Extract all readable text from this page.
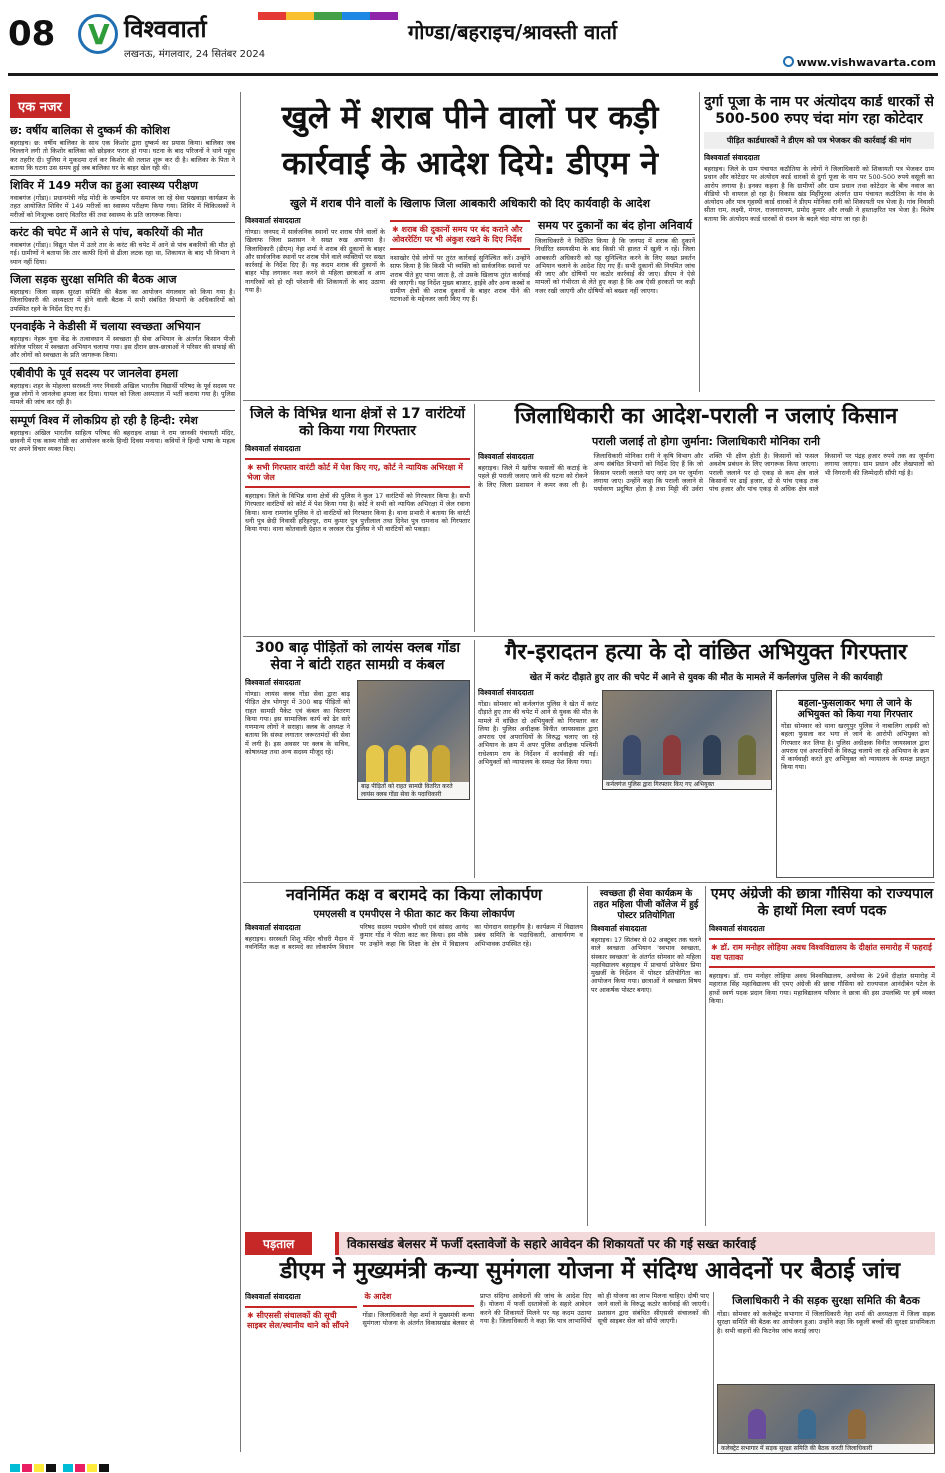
08 V विश्ववार्ता
लखनऊ, मंगलवार, 24 सितंबर 2024
गोण्डा/बहराइच/श्रावस्ती वार्ता
www.vishwavarta.com
एक नजर
छ: वर्षीय बालिका से दुष्कर्म की कोशिश
बहराइच। छ: वर्षीय बालिका के साथ एक किशोर द्वारा दुष्कर्म का प्रयास किया। बालिका जब चिल्लाने लगी तो किशोर बालिका को छोड़कर फरार हो गया। घटना के बाद परिजनों ने थाने पहुंच कर तहरीर दी। पुलिस ने मुकदमा दर्ज कर किशोर की तलाश शुरू कर दी है। बालिका के पिता ने बताया कि घटना उस समय हुई जब बालिका घर के बाहर खेल रही थी।
शिविर में 149 मरीज का हुआ स्वास्थ्य परीक्षण
नवाबगंज (गोंडा)। प्रधानमंत्री नरेंद्र मोदी के जन्मदिन पर समाज जा रहे सेवा पखवाड़ा कार्यक्रम के तहत आयोजित शिविर में 149 मरीजों का स्वास्थ्य परीक्षण किया गया। शिविर में चिकित्सकों ने मरीजों को निःशुल्क दवाएं वितरित कीं तथा स्वास्थ्य के प्रति जागरूक किया।
करंट की चपेट में आने से पांच, बकरियों की मौत
नवाबगंज (गोंडा)। विद्युत पोल में उतरे तार के करंट की चपेट में आने से पांच बकरियों की मौत हो गई। ग्रामीणों ने बताया कि तार काफी दिनों से ढीला लटक रहा था, शिकायत के बाद भी विभाग ने ध्यान नहीं दिया।
जिला सड़क सुरक्षा समिति की बैठक आज
बहराइच। जिला सड़क सुरक्षा समिति की बैठक का आयोजन मंगलवार को किया गया है। जिलाधिकारी की अध्यक्षता में होने वाली बैठक में सभी संबंधित विभागों के अधिकारियों को उपस्थित रहने के निर्देश दिए गए हैं।
एनवाईके ने केडीसी में चलाया स्वच्छता अभियान
बहराइच। नेहरू युवा केंद्र के तत्वावधान में स्वच्छता ही सेवा अभियान के अंतर्गत किसान पीजी कॉलेज परिसर में स्वच्छता अभियान चलाया गया। इस दौरान छात्र-छात्राओं ने परिसर की सफाई की और लोगों को स्वच्छता के प्रति जागरूक किया।
एबीवीपी के पूर्व सदस्य पर जानलेवा हमला
बहराइच। शहर के मोहल्ला सरस्वती नगर निवासी अखिल भारतीय विद्यार्थी परिषद के पूर्व सदस्य पर कुछ लोगों ने जानलेवा हमला कर दिया। घायल को जिला अस्पताल में भर्ती कराया गया है। पुलिस मामले की जांच कर रही है।
सम्पूर्ण विश्व में लोकप्रिय हो रही है हिन्दी: रमेश
बहराइच। अखिल भारतीय साहित्य परिषद की बहराइच शाखा ने राम जानकी पंचायती मंदिर, छावनी में एक काव्य गोष्ठी का आयोजन करके हिन्दी दिवस मनाया। कवियों ने हिन्दी भाषा के महत्व पर अपने विचार व्यक्त किए।
खुले में शराब पीने वालों पर कड़ी
कार्रवाई के आदेश दिये: डीएम ने
खुले में शराब पीने वालों के खिलाफ जिला आबकारी अधिकारी को दिए कार्यवाही के आदेश
विश्ववार्ता संवाददाता
गोण्डा। जनपद में सार्वजनिक स्थानों पर शराब पीने वालों के खिलाफ जिला प्रशासन ने सख्त रुख अपनाया है। जिलाधिकारी (डीएम) नेहा शर्मा ने शराब की दुकानों के बाहर और सार्वजनिक स्थानों पर शराब पीने वाले व्यक्तियों पर सख्त कार्रवाई के निर्देश दिए हैं। यह कदम शराब की दुकानों के बाहर भीड़ लगाकर नशा करने से महिला छात्राओं व आम नागरिकों को हो रही परेशानी की शिकायतों के बाद उठाया गया है।
✱ शराब की दुकानों समय पर बंद कराने और ओवररेटिंग पर भी अंकुश रखने के दिए निर्देश
नशाखोर ऐसे लोगों पर तुरंत कार्रवाई सुनिश्चित करें। उन्होंने साफ किया है कि किसी भी व्यक्ति को सार्वजनिक स्थानों पर शराब पीते हुए पाया जाता है, तो उसके खिलाफ तुरंत कार्रवाई की जाएगी। यह निर्देश मुख्य बाजार, हाईवे और अन्य कस्बों व ग्रामीण क्षेत्रों की शराब दुकानों के बाहर शराब पीने की घटनाओं के मद्देनजर जारी किए गए हैं।
समय पर दुकानों का बंद होना अनिवार्य
जिलाधिकारी ने निर्देशित किया है कि जनपद में शराब की दुकानें निर्धारित समयसीमा के बाद किसी भी हालत में खुली न रहें। जिला आबकारी अधिकारी को यह सुनिश्चित करने के लिए सख्त प्रवर्तन अभियान चलाने के आदेश दिए गए हैं। सभी दुकानों की नियमित जांच की जाए और दोषियों पर कठोर कार्रवाई की जाए। डीएम ने ऐसे मामलों को गंभीरता से लेते हुए कहा है कि अब ऐसी हरकतों पर कड़ी नजर रखी जाएगी और दोषियों को बख्शा नहीं जाएगा।
दुर्गा पूजा के नाम पर अंत्योदय कार्ड धारकों से 500-500 रुपए चंदा मांग रहा कोटेदार
पीड़ित कार्डधारकों ने डीएम को पत्र भेजकर की कार्रवाई की मांग
विश्ववार्ता संवाददाता
बहराइच। जिले के ग्राम पंचायत कठौतिया के लोगों ने जिलाधिकारी को शिकायती पत्र भेजकर ग्राम प्रधान और कोटेदार पर अंत्योदय कार्ड धारकों से दुर्गा पूजा के नाम पर 500-500 रुपये वसूली का आरोप लगाया है। इनका कहना है कि ग्रामीणों और ग्राम प्रधान तथा कोटेदार के बीच नवाज का वीडियो भी वायरल हो रहा है। विकास खंड मिहींपुरवा अंतर्गत ग्राम पंचायत कठौतिया के गांव के अंत्योदय और पात्र गृहस्थी कार्ड धारकों ने डीएम मोनिका रानी को शिकायती पत्र भेजा है। गांव निवासी सीता राम, लक्ष्मी, मंगल, राजनारायण, प्रमोद कुमार और लच्छी ने हस्ताक्षरित पत्र भेजा है। विशेष बताया कि अंत्योदय कार्ड धारकों से राशन के बदले चंदा मांगा जा रहा है।
जिले के विभिन्न थाना क्षेत्रों से 17 वारंटियों को किया गया गिरफ्तार
विश्ववार्ता संवाददाता
✱ सभी गिरफ्तार वारंटी कोर्ट में पेश किए गए, कोर्ट ने न्यायिक अभिरक्षा में भेजा जेल
बहराइच। जिले के विभिन्न थाना क्षेत्रों की पुलिस ने कुल 17 वारंटियों को गिरफ्तार किया है। सभी गिरफ्तार वारंटियों को कोर्ट में पेश किया गया है। कोर्ट ने सभी को न्यायिक अभिरक्षा में जेल रवाना किया। थाना रामगांव पुलिस ने दो वारंटियों को गिरफ्तार किया है। थाना प्रभारी ने बताया कि वारंटी धनी पुत्र छेदी निवासी हरिहरपुर, राम कुमार पुत्र पुत्तीलाल तथा दिनेश पुत्र रामनाथ को गिरफ्तार किया गया। थाना कोतवाली देहात व जरवल रोड पुलिस ने भी वारंटियों को पकड़ा।
जिलाधिकारी का आदेश-पराली न जलाएं किसान
पराली जलाई तो होगा जुर्माना: जिलाधिकारी मोनिका रानी
विश्ववार्ता संवाददाता
बहराइच। जिले में खरीफ फसलों की कटाई के पहले ही पराली जलाए जाने की घटना को रोकने के लिए जिला प्रशासन ने कमर कस ली है। जिलाधिकारी मोनिका रानी ने कृषि विभाग और अन्य संबंधित विभागों को निर्देश दिए हैं कि जो किसान पराली जलाते पाए जाएं उन पर जुर्माना लगाया जाए। उन्होंने कहा कि पराली जलाने से पर्यावरण प्रदूषित होता है तथा मिट्टी की उर्वरा शक्ति भी क्षीण होती है। किसानों को फसल अवशेष प्रबंधन के लिए जागरूक किया जाएगा। पराली जलाने पर दो एकड़ से कम क्षेत्र वाले किसानों पर ढाई हजार, दो से पांच एकड़ तक पांच हजार और पांच एकड़ से अधिक क्षेत्र वाले किसानों पर पंद्रह हजार रुपये तक का जुर्माना लगाया जाएगा। ग्राम प्रधान और लेखपालों को भी निगरानी की जिम्मेदारी सौंपी गई है।
300 बाढ़ पीड़ितों को लायंस क्लब गोंडा सेवा ने बांटी राहत सामग्री व कंबल
विश्ववार्ता संवाददाता
गोण्डा। लायंस क्लब गोंडा सेवा द्वारा बाढ़ पीड़ित क्षेत्र भोगपुर में 300 बाढ़ पीड़ितों को राहत सामग्री पैकेट एवं कंबल का वितरण किया गया। इस सामाजिक कार्य को ढेर सारे गणमान्य लोगों ने सराहा। क्लब के अध्यक्ष ने बताया कि संस्था लगातार जरूरतमंदों की सेवा में लगी है। इस अवसर पर क्लब के सचिव, कोषाध्यक्ष तथा अन्य सदस्य मौजूद रहे।
बाढ़ पीड़ितों को राहत सामग्री वितरित करते लायंस क्लब गोंडा सेवा के पदाधिकारी
गैर-इरादतन हत्या के दो वांछित अभियुक्त गिरफ्तार
खेत में करंट दौड़ाते हुए तार की चपेट में आने से युवक की मौत के मामले में कर्नलगंज पुलिस ने की कार्यवाही
विश्ववार्ता संवाददाता
गोंडा। सोमवार को कर्नलगंज पुलिस ने खेत में करंट दौड़ाते हुए तार की चपेट में आने से युवक की मौत के मामले में वांछित दो अभियुक्तों को गिरफ्तार कर लिया है। पुलिस अधीक्षक विनीत जायसवाल द्वारा अपराध एवं अपराधियों के विरुद्ध चलाए जा रहे अभियान के क्रम में अपर पुलिस अधीक्षक पश्चिमी राधेश्याम राय के निर्देशन में कार्यवाही की गई। अभियुक्तों को न्यायालय के समक्ष पेश किया गया।
कर्नलगंज पुलिस द्वारा गिरफ्तार किए गए अभियुक्त
बहला-फुसलाकर भगा ले जाने के अभियुक्त को किया गया गिरफ्तार
गोंडा सोमवार को थाना खरगूपुर पुलिस ने नाबालिग लड़की को बहला फुसला कर भगा ले जाने के आरोपी अभियुक्त को गिरफ्तार कर लिया है। पुलिस अधीक्षक विनीत जायसवाल द्वारा अपराध एवं अपराधियों के विरुद्ध चलाये जा रहे अभियान के क्रम में कार्यवाही करते हुए अभियुक्त को न्यायालय के समक्ष प्रस्तुत किया गया।
नवनिर्मित कक्ष व बरामदे का किया लोकार्पण
एमएलसी व एमपीएस ने फीता काट कर किया लोकार्पण
विश्ववार्ता संवाददाता
बहराइच। सरस्वती शिशु मंदिर चौधरी मैदान में नवनिर्मित कक्ष व बरामदे का लोकार्पण विधान परिषद सदस्य पद्मसेन चौधरी एवं सांसद आनंद कुमार गोंड ने फीता काट कर किया। इस मौके पर उन्होंने कहा कि शिक्षा के क्षेत्र में विद्यालय का योगदान सराहनीय है। कार्यक्रम में विद्यालय प्रबंध समिति के पदाधिकारी, आचार्यगण व अभिभावक उपस्थित रहे।
स्वच्छता ही सेवा कार्यक्रम के तहत महिला पीजी कॉलेज में हुई पोस्टर प्रतियोगिता
विश्ववार्ता संवाददाता
बहराइच। 17 सितंबर से 02 अक्टूबर तक चलने वाले स्वच्छता अभियान 'स्वभाव स्वच्छता, संस्कार स्वच्छता' के अंतर्गत सोमवार को महिला महाविद्यालय बहराइच में प्राचार्या प्रोफेसर प्रिया मुखर्जी के निर्देशन में पोस्टर प्रतियोगिता का आयोजन किया गया। छात्राओं ने स्वच्छता विषय पर आकर्षक पोस्टर बनाए।
एमए अंग्रेजी की छात्रा गौसिया को राज्यपाल के हाथों मिला स्वर्ण पदक
विश्ववार्ता संवाददाता
✱ डॉ. राम मनोहर लोहिया अवध विश्वविद्यालय के दीक्षांत समारोह में फहराई यश पताका
बहराइच। डॉ. राम मनोहर लोहिया अवध विश्वविद्यालय, अयोध्या के 29वें दीक्षांत समारोह में महाराज सिंह महाविद्यालय की एमए अंग्रेजी की छात्रा गौसिया को राज्यपाल आनंदीबेन पटेल के हाथों स्वर्ण पदक प्रदान किया गया। महाविद्यालय परिवार ने छात्रा की इस उपलब्धि पर हर्ष व्यक्त किया।
पड़ताल	विकासखंड बेलसर में फर्जी दस्तावेजों के सहारे आवेदन की शिकायतों पर की गई सख्त कार्रवाई
डीएम ने मुख्यमंत्री कन्या सुमंगला योजना में संदिग्ध आवेदनों पर बैठाई जांच
विश्ववार्ता संवाददाता
✱ सीएससी संचालकों की सूची साइबर सेल/स्थानीय थाने को सौंपने के आदेश
गोंडा। जिलाधिकारी नेहा शर्मा ने मुख्यमंत्री कन्या सुमंगला योजना के अंतर्गत विकासखंड बेलसर से प्राप्त संदिग्ध आवेदनों की जांच के आदेश दिए हैं। योजना में फर्जी दस्तावेजों के सहारे आवेदन करने की शिकायतें मिलने पर यह कदम उठाया गया है। जिलाधिकारी ने कहा कि पात्र लाभार्थियों को ही योजना का लाभ मिलना चाहिए। दोषी पाए जाने वालों के विरुद्ध कठोर कार्रवाई की जाएगी। प्रशासन द्वारा संबंधित सीएससी संचालकों की सूची साइबर सेल को सौंपी जाएगी।
जिलाधिकारी ने की सड़क सुरक्षा समिति की बैठक
गोंडा। सोमवार को कलेक्ट्रेट सभागार में जिलाधिकारी नेहा शर्मा की अध्यक्षता में जिला सड़क सुरक्षा समिति की बैठक का आयोजन हुआ। उन्होंने कहा कि स्कूली बच्चों की सुरक्षा प्राथमिकता है। सभी वाहनों की फिटनेस जांच कराई जाए।
कलेक्ट्रेट सभागार में सड़क सुरक्षा समिति की बैठक करती जिलाधिकारी
